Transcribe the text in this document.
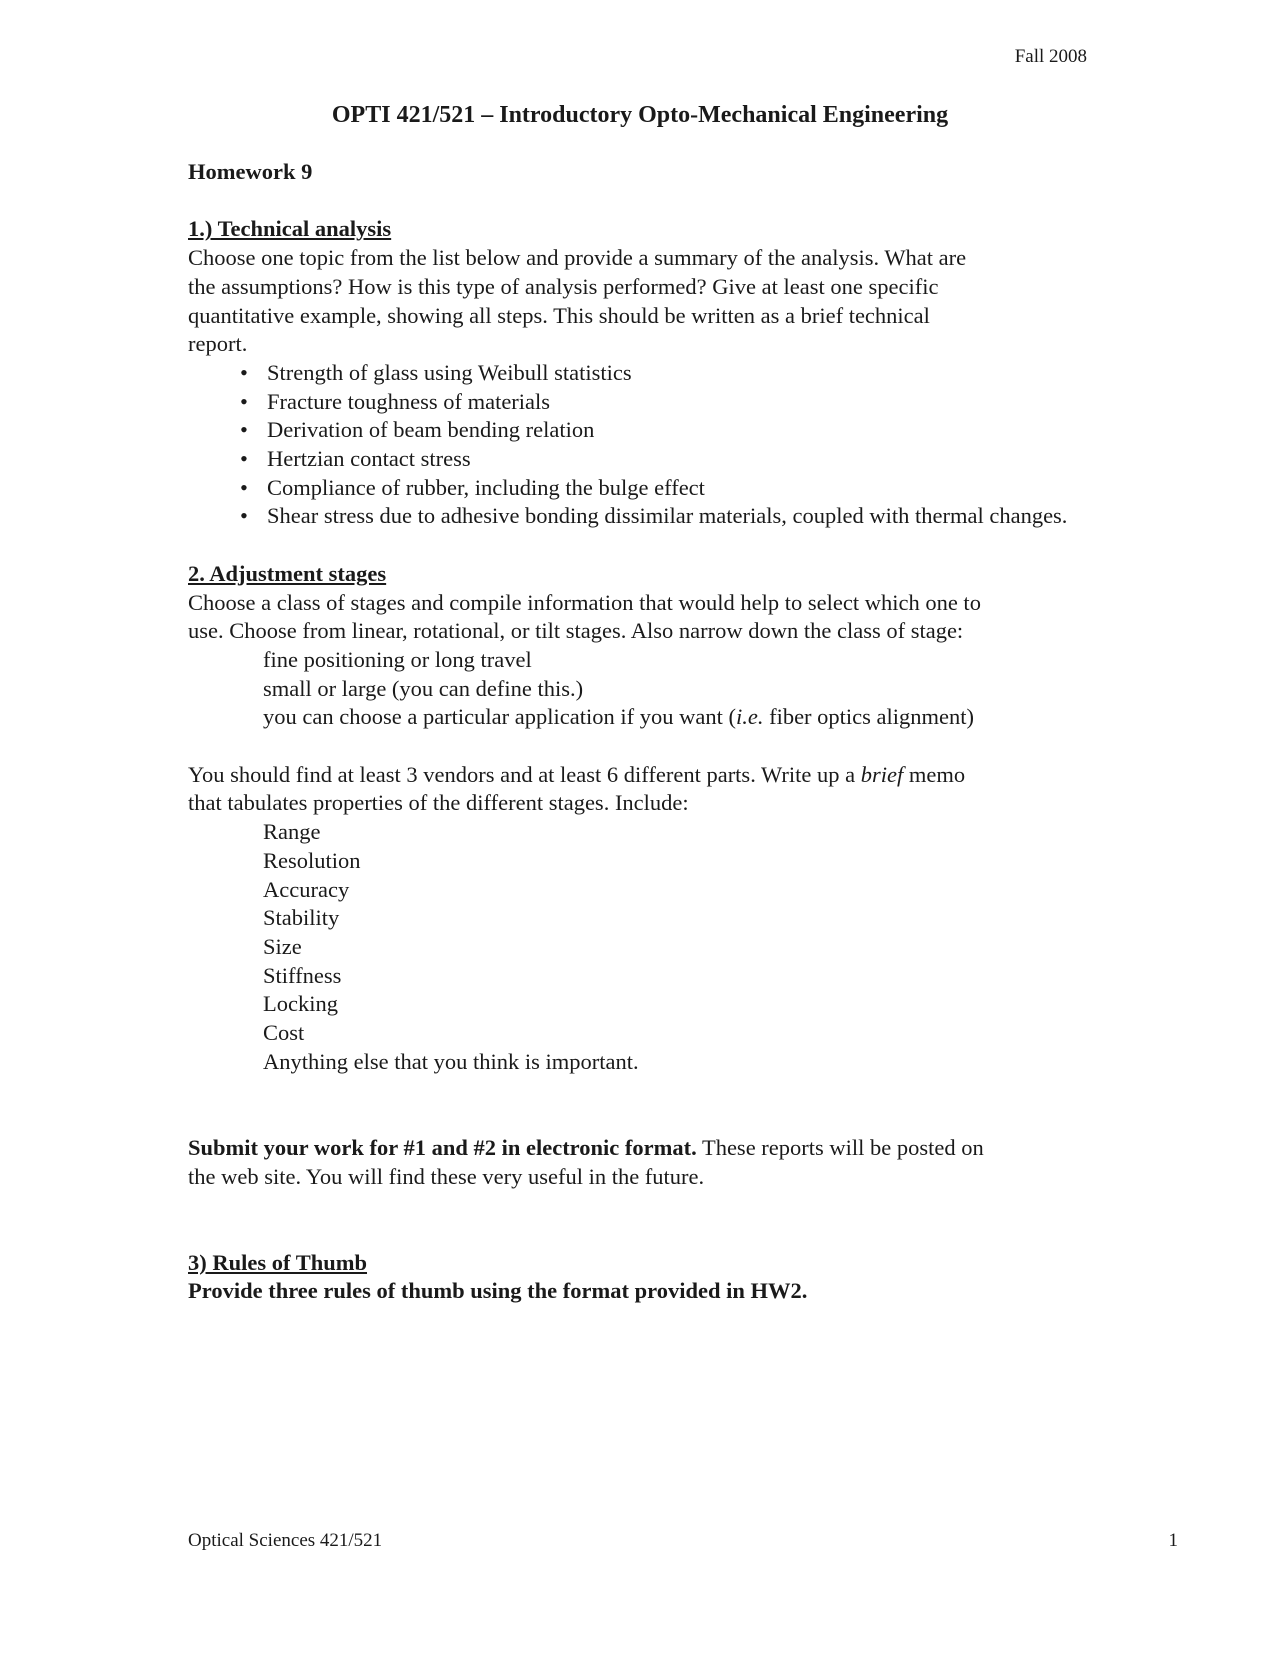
Fall 2008
OPTI 421/521 – Introductory Opto-Mechanical Engineering

Homework 9

1.) Technical analysis

Choose one topic from the list below and provide a summary of the analysis. What are

the assumptions? How is this type of analysis performed? Give at least one specific

quantitative example, showing all steps. This should be written as a brief technical

report.

• Strength of glass using Weibull statistics
• Fracture toughness of materials
• Derivation of beam bending relation
• Hertzian contact stress
• Compliance of rubber, including the bulge effect
• Shear stress due to adhesive bonding dissimilar materials, coupled with thermal changes.

2. Adjustment stages

Choose a class of stages and compile information that would help to select which one to

use. Choose from linear, rotational, or tilt stages. Also narrow down the class of stage:

fine positioning or long travel

small or large (you can define this.)

you can choose a particular application if you want (i.e. fiber optics alignment)

You should find at least 3 vendors and at least 6 different parts. Write up a brief memo

that tabulates properties of the different stages. Include:

Range

Resolution

Accuracy

Stability

Size

Stiffness

Locking

Cost

Anything else that you think is important.

Submit your work for #1 and #2 in electronic format. These reports will be posted on

the web site. You will find these very useful in the future.

3) Rules of Thumb

Provide three rules of thumb using the format provided in HW2.

Optical Sciences 421/521	1
